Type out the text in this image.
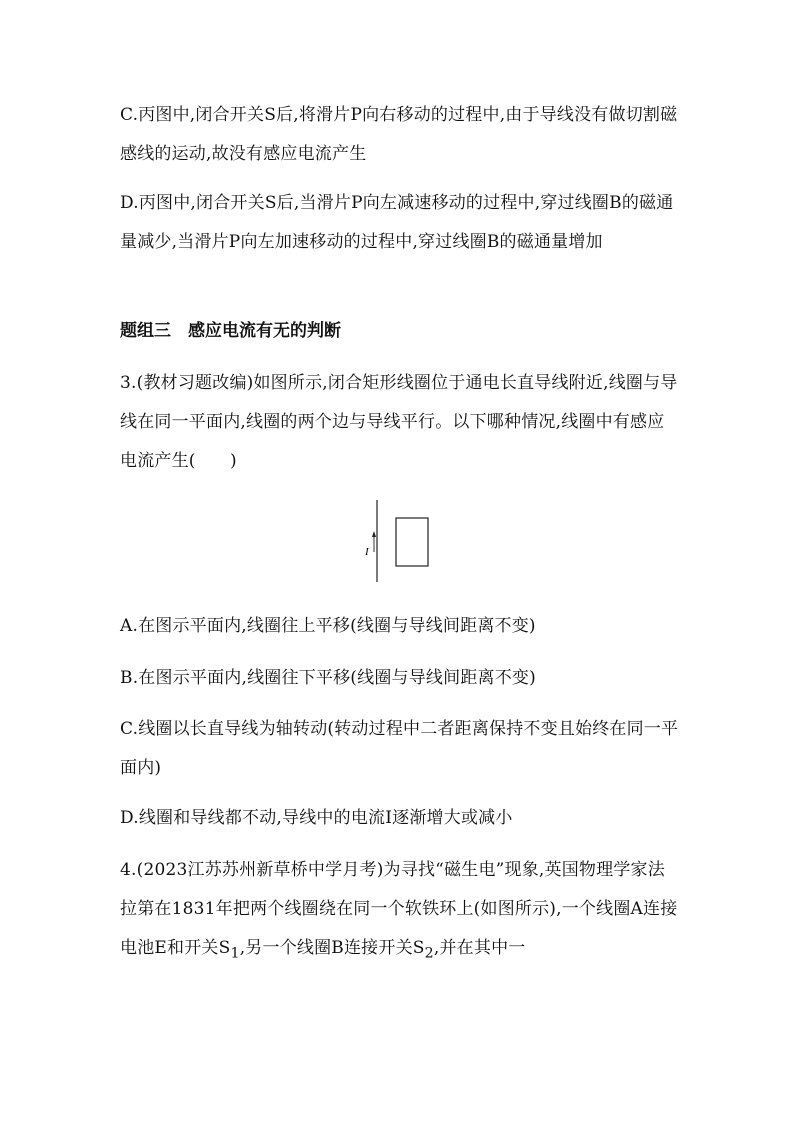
C.丙图中,闭合开关S后,将滑片P向右移动的过程中,由于导线没有做切割磁感线的运动,故没有感应电流产生
D.丙图中,闭合开关S后,当滑片P向左减速移动的过程中,穿过线圈B的磁通量减少,当滑片P向左加速移动的过程中,穿过线圈B的磁通量增加
题组三　感应电流有无的判断
3.(教材习题改编)如图所示,闭合矩形线圈位于通电长直导线附近,线圈与导线在同一平面内,线圈的两个边与导线平行。以下哪种情况,线圈中有感应电流产生(　　)
I
A.在图示平面内,线圈往上平移(线圈与导线间距离不变)
B.在图示平面内,线圈往下平移(线圈与导线间距离不变)
C.线圈以长直导线为轴转动(转动过程中二者距离保持不变且始终在同一平面内)
D.线圈和导线都不动,导线中的电流I逐渐增大或减小
4.(2023江苏苏州新草桥中学月考)为寻找“磁生电”现象,英国物理学家法拉第在1831年把两个线圈绕在同一个软铁环上(如图所示),一个线圈A连接电池E和开关$S_1$,另一个线圈B连接开关$S_2$,并在其中一
